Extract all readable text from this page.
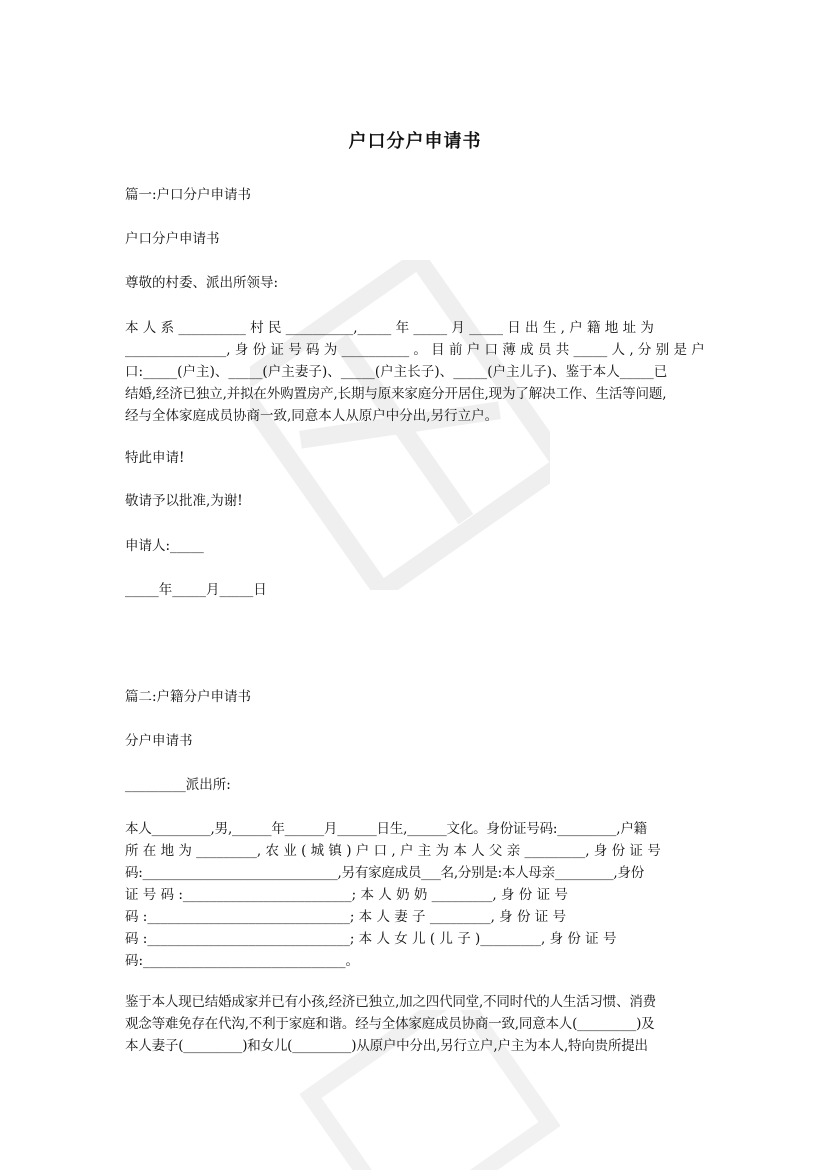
户口分户申请书
篇一:户口分户申请书
户口分户申请书
尊敬的村委、派出所领导:
本 人 系 __________ 村 民 __________,_____ 年 _____ 月 _____ 日 出 生 , 户 籍 地 址 为
_______________, 身 份 证 号 码 为 __________ 。 目 前 户 口 薄 成 员 共 _____ 人 , 分 别 是 户
口:_____(户主)、_____(户主妻子)、_____(户主长子)、_____(户主儿子)、鉴于本人_____已
结婚,经济已独立,并拟在外购置房产,长期与原来家庭分开居住,现为了解决工作、生活等问题,
经与全体家庭成员协商一致,同意本人从原户中分出,另行立户。
特此申请!
敬请予以批准,为谢!
申请人:_____
_____年_____月_____日
篇二:户籍分户申请书
分户申请书
_________派出所:
本人_________,男,______年______月______日生,______文化。身份证号码:_________,户籍
所 在 地 为 _________, 农 业 ( 城 镇 ) 户 口 , 户 主 为 本 人 父 亲 _________, 身 份 证 号
码:______________________________,另有家庭成员___名,分别是:本人母亲_________,身份
证 号 码 :_________________________; 本 人 奶 奶 _________, 身 份 证 号
码 :______________________________; 本 人 妻 子 _________, 身 份 证 号
码 :______________________________; 本 人 女 儿 ( 儿 子 )_________, 身 份 证 号
码:______________________________。
鉴于本人现已结婚成家并已有小孩,经济已独立,加之四代同堂,不同时代的人生活习惯、消费
观念等难免存在代沟,不利于家庭和谐。经与全体家庭成员协商一致,同意本人(_________)及
本人妻子(_________)和女儿(_________)从原户中分出,另行立户,户主为本人,特向贵所提出
